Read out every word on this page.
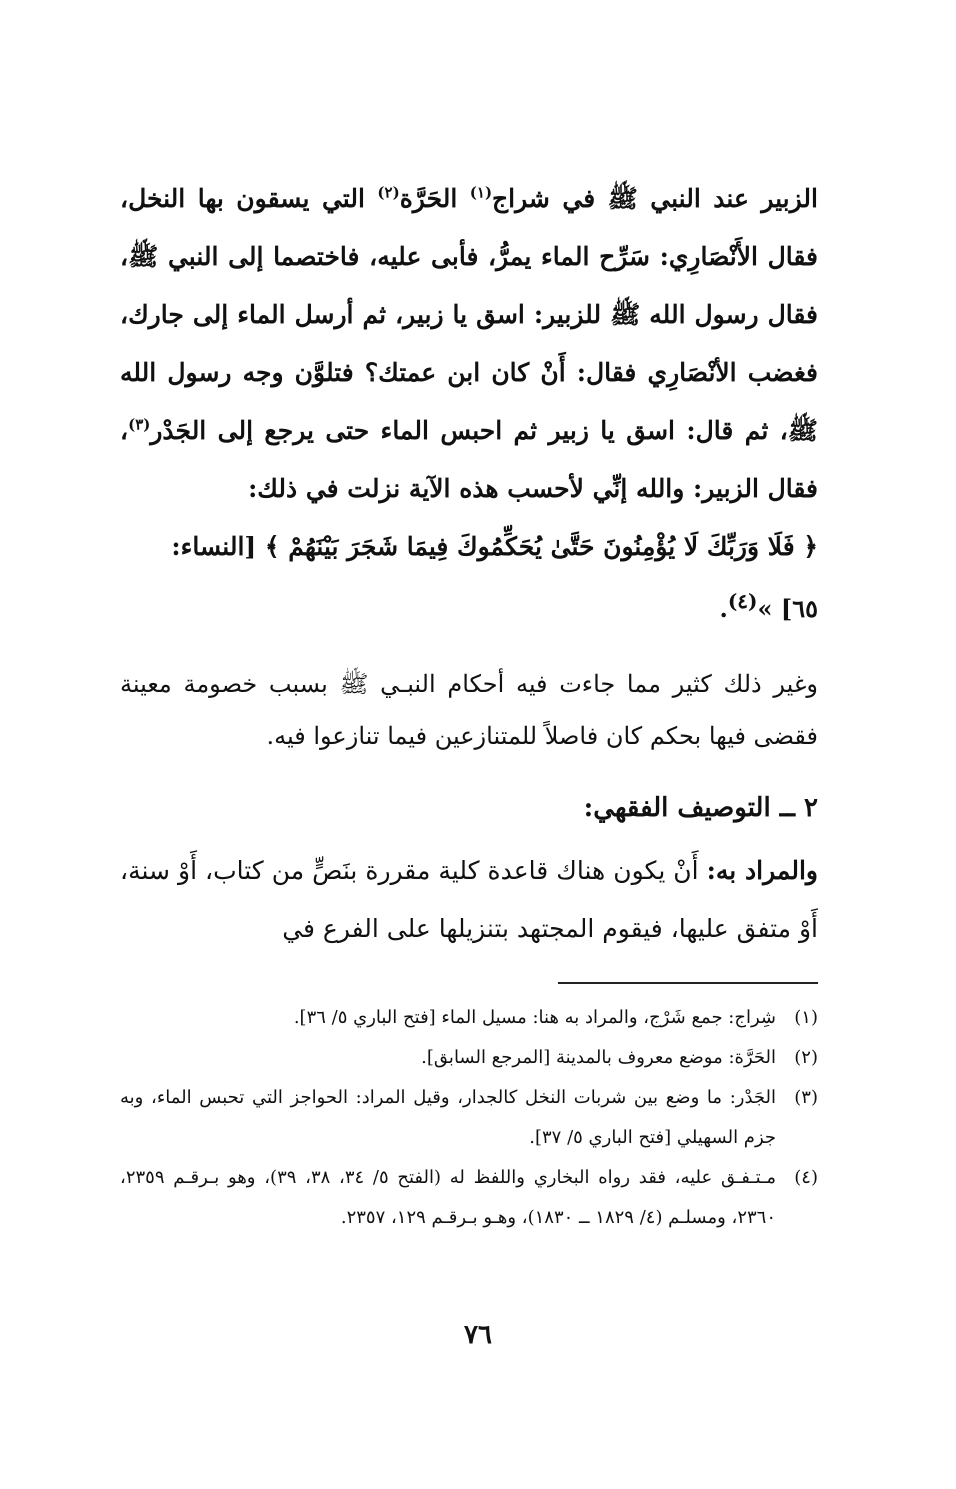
الزبير عند النبي ﷺ في شراج$^{(١)}$ الحَرَّة$^{(٢)}$ التي يسقون بها النخل، فقال الأَنْصَارِي: سَرِّح الماء يمرُّ، فأبى عليه، فاختصما إلى النبي ﷺ، فقال رسول الله ﷺ للزبير: اسق يا زبير، ثم أرسل الماء إلى جارك، فغضب الأنْصَارِي فقال: أَنْ كان ابن عمتك؟ فتلوَّن وجه رسول الله ﷺ، ثم قال: اسق يا زبير ثم احبس الماء حتى يرجع إلى الجَدْر$^{(٣)}$، فقال الزبير: والله إنِّي لأحسب هذه الآية نزلت في ذلك:

﴿ فَلَا وَرَبِّكَ لَا يُؤْمِنُونَ حَتَّىٰ يُحَكِّمُوكَ فِيمَا شَجَرَ بَيْنَهُمْ ﴾ [النساء:

٦٥] »$^{(٤)}$.

وغير ذلك كثير مما جاءت فيه أحكام النبـي ﷺ بسبب خصومة معينة فقضى فيها بحكم كان فاصلاً للمتنازعين فيما تنازعوا فيه.

٢ ــ التوصيف الفقهي:

والمراد به: أَنْ يكون هناك قاعدة كلية مقررة بنَصٍّ من كتاب، أَوْ سنة، أَوْ متفق عليها، فيقوم المجتهد بتنزيلها على الفرع في

(١)
شِراج: جمع شَرْج، والمراد به هنا: مسيل الماء [فتح الباري ٥/ ٣٦].

(٢)
الحَرَّة: موضع معروف بالمدينة [المرجع السابق].

(٣)
الجَدْر: ما وضع بين شربات النخل كالجدار، وقيل المراد: الحواجز التي تحبس الماء، وبه جزم السهيلي [فتح الباري ٥/ ٣٧].

(٤)
مـتـفـق عليه، فقد رواه البخاري واللفظ له (الفتح ٥/ ٣٤، ٣٨، ٣٩)، وهو بـرقـم ٢٣٥٩، ٢٣٦٠، ومسلـم (٤/ ١٨٢٩ ــ ١٨٣٠)، وهـو بـرقـم ١٢٩، ٢٣٥٧.

٧٦
